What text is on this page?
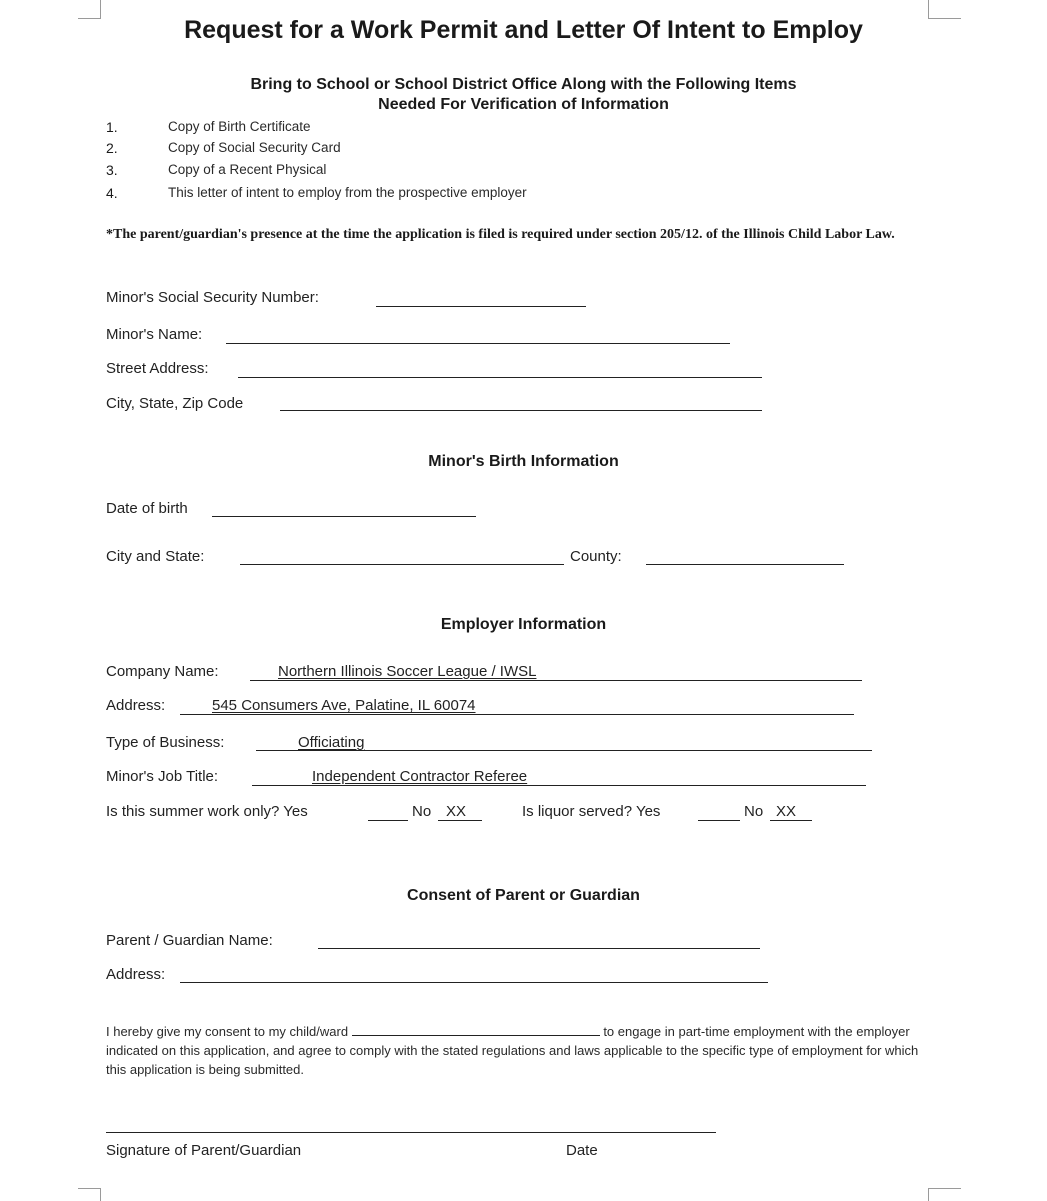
Request for a Work Permit and Letter Of Intent to Employ
Bring to School or School District Office Along with the Following Items
Needed For Verification of Information
1.	Copy of Birth Certificate
2.	Copy of Social Security Card
3.	Copy of a Recent Physical
4.	This letter of intent to employ from the prospective employer
*The parent/guardian's presence at the time the application is filed is required under section 205/12. of the Illinois Child Labor Law.
Minor's Social Security Number:
Minor's Name:
Street Address:
City, State, Zip Code
Minor's Birth Information
Date of birth
City and State:	County:
Employer Information
Company Name:	Northern Illinois Soccer League / IWSL
Address:	545 Consumers Ave, Palatine, IL 60074
Type of Business:	Officiating
Minor's Job Title:	Independent Contractor Referee
Is this summer work only? Yes	No XX	Is liquor served? Yes	No XX
Consent of Parent or Guardian
Parent / Guardian Name:
Address:
I hereby give my consent to my child/ward	to engage in part-time employment with the employer indicated on this application, and agree to comply with the stated regulations and laws applicable to the specific type of employment for which this application is being submitted.
Signature of Parent/Guardian	Date
